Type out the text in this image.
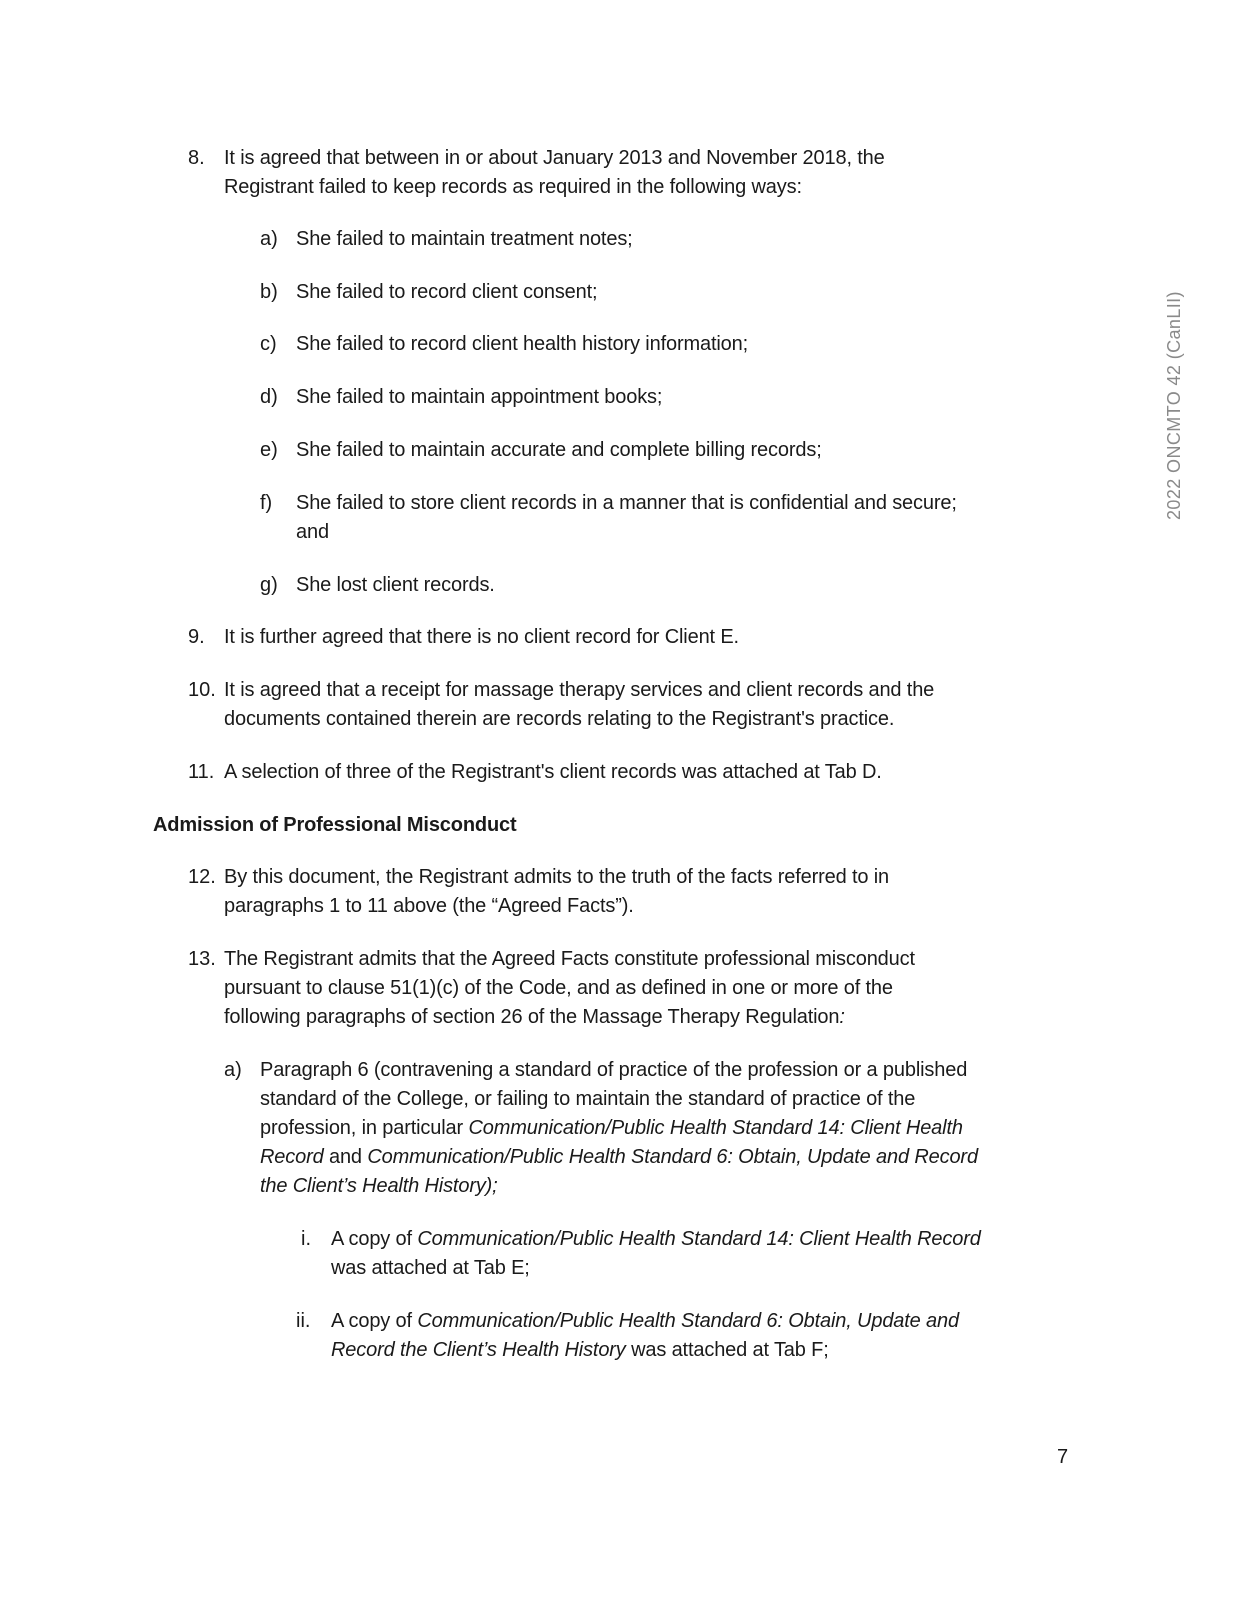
8. It is agreed that between in or about January 2013 and November 2018, the
Registrant failed to keep records as required in the following ways:
a) She failed to maintain treatment notes;
b) She failed to record client consent;
c) She failed to record client health history information;
d) She failed to maintain appointment books;
e) She failed to maintain accurate and complete billing records;
f) She failed to store client records in a manner that is confidential and secure;
and
g) She lost client records.
9. It is further agreed that there is no client record for Client E.
10. It is agreed that a receipt for massage therapy services and client records and the
documents contained therein are records relating to the Registrant's practice.
11. A selection of three of the Registrant's client records was attached at Tab D.
Admission of Professional Misconduct
12. By this document, the Registrant admits to the truth of the facts referred to in
paragraphs 1 to 11 above (the “Agreed Facts”).
13. The Registrant admits that the Agreed Facts constitute professional misconduct
pursuant to clause 51(1)(c) of the Code, and as defined in one or more of the
following paragraphs of section 26 of the Massage Therapy Regulation:
a) Paragraph 6 (contravening a standard of practice of the profession or a published
standard of the College, or failing to maintain the standard of practice of the
profession, in particular Communication/Public Health Standard 14: Client Health
Record and Communication/Public Health Standard 6: Obtain, Update and Record
the Client’s Health History);
i. A copy of Communication/Public Health Standard 14: Client Health Record
was attached at Tab E;
ii. A copy of Communication/Public Health Standard 6: Obtain, Update and
Record the Client’s Health History was attached at Tab F;
2022 ONCMTO 42 (CanLII)
7
